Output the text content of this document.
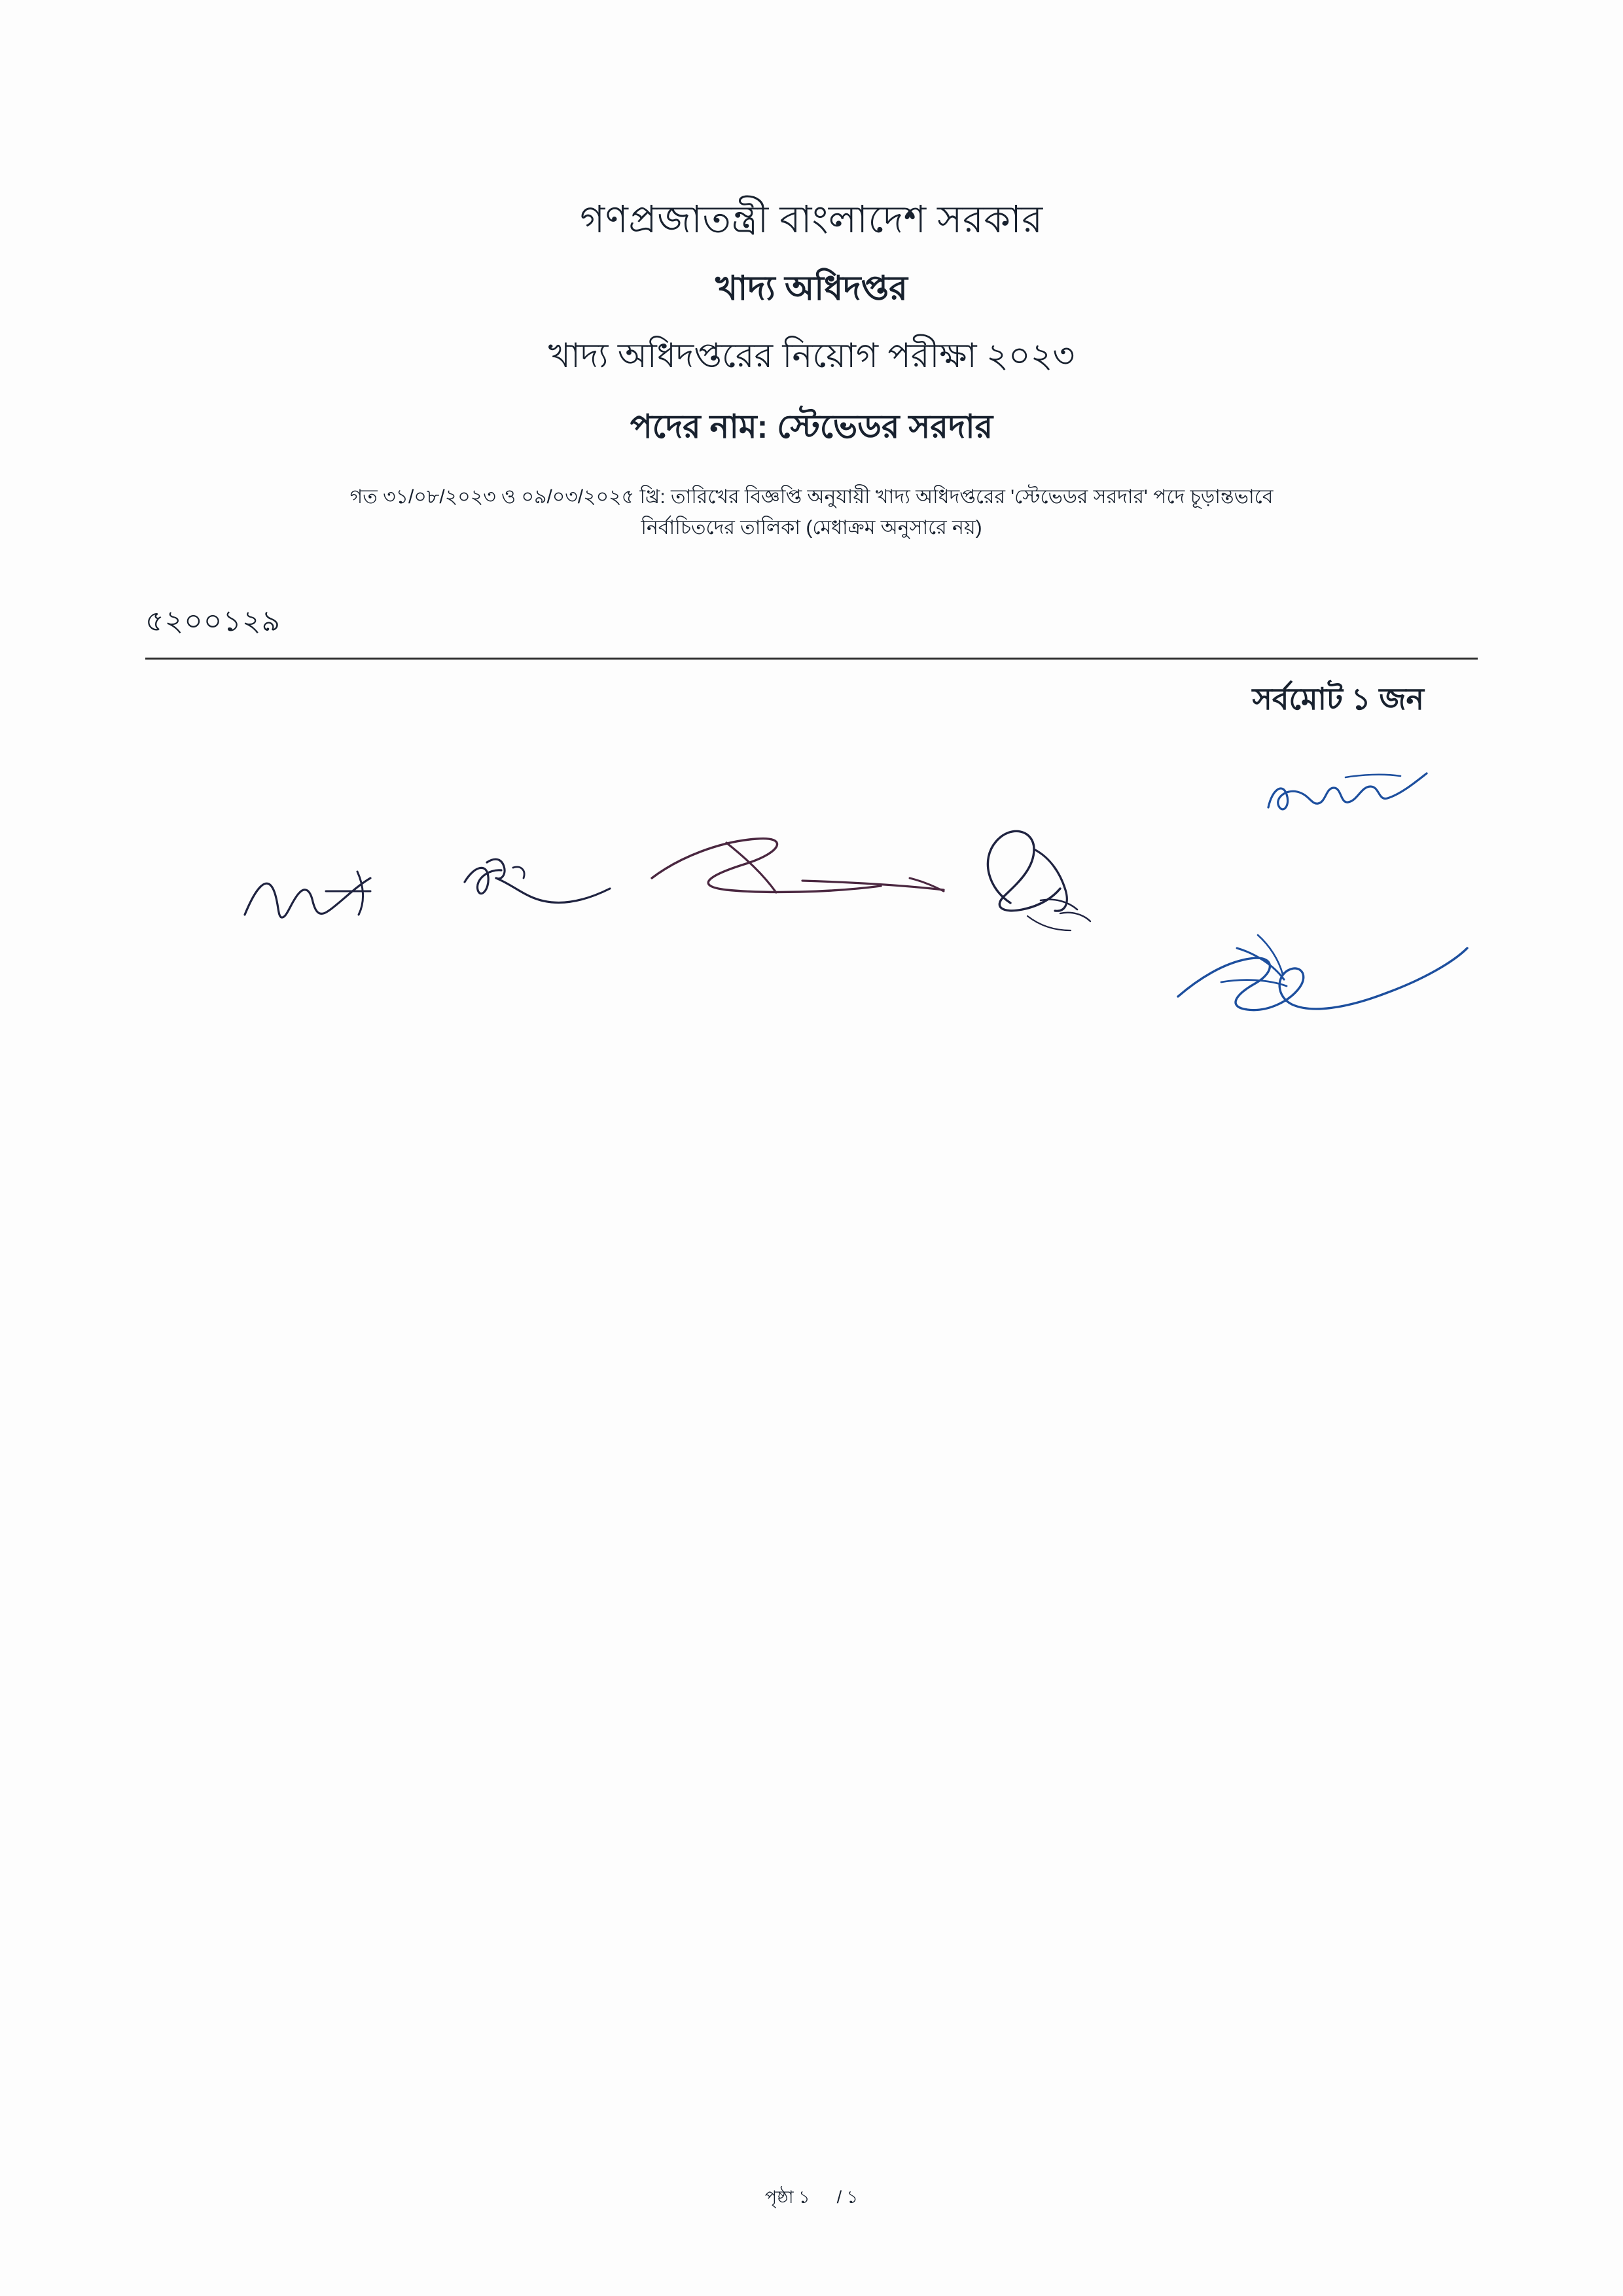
গণপ্রজাতন্ত্রী বাংলাদেশ সরকার
খাদ্য অধিদপ্তর
খাদ্য অধিদপ্তরের নিয়োগ পরীক্ষা ২০২৩
পদের নাম: স্টেভেডর সরদার
গত ৩১/০৮/২০২৩ ও ০৯/০৩/২০২৫ খ্রি: তারিখের বিজ্ঞপ্তি অনুযায়ী খাদ্য অধিদপ্তরের 'স্টেভেডর সরদার' পদে চূড়ান্তভাবে
নির্বাচিতদের তালিকা (মেধাক্রম অনুসারে নয়)
৫২০০১২৯
সর্বমোট ১ জন
পৃষ্ঠা ১ / ১
